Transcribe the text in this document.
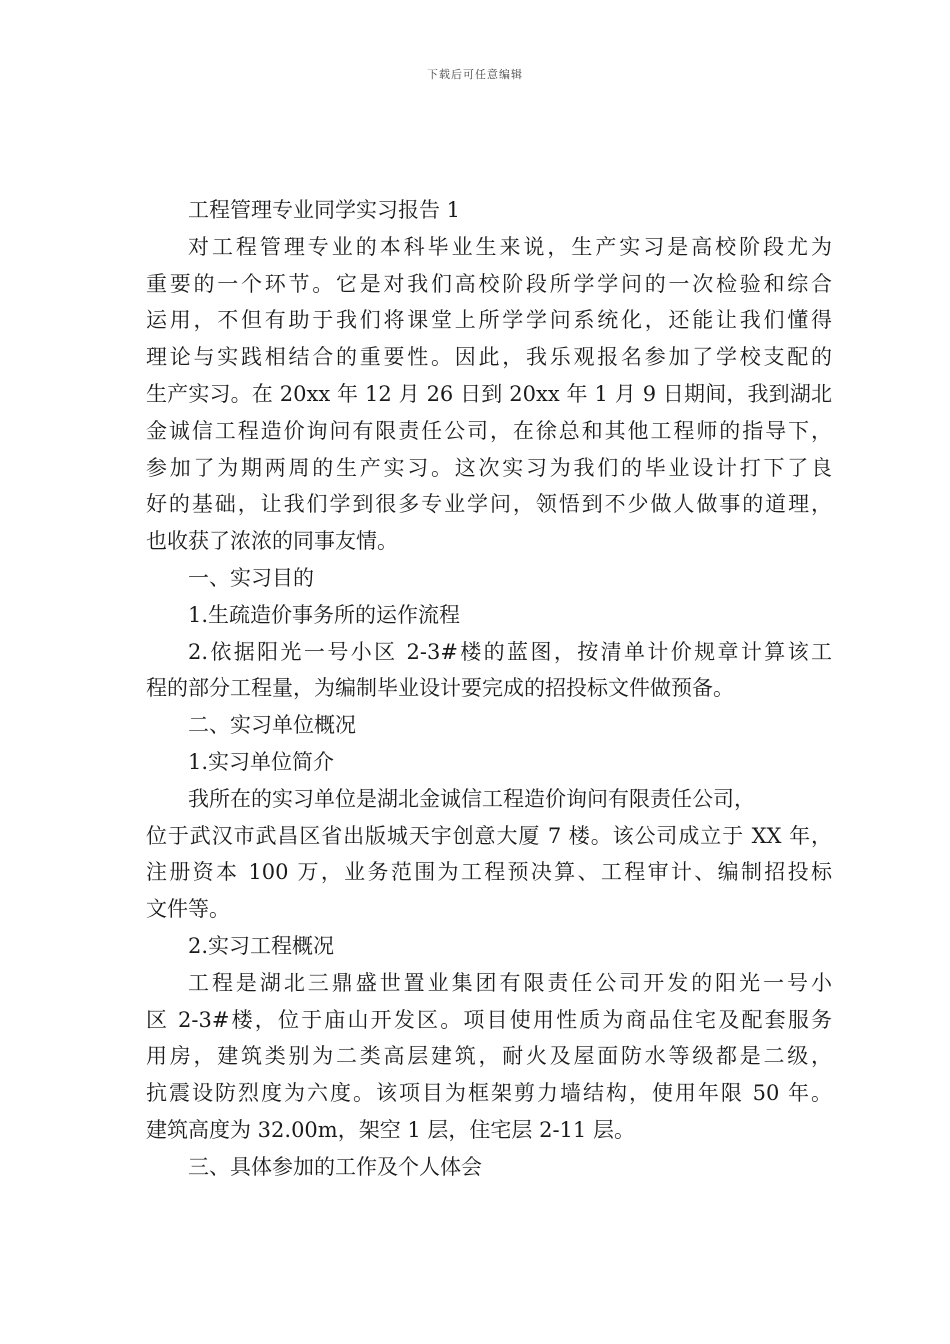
下载后可任意编辑
工程管理专业同学实习报告 1
对工程管理专业的本科毕业生来说，生产实习是高校阶段尤为
重要的一个环节。它是对我们高校阶段所学学问的一次检验和综合
运用，不但有助于我们将课堂上所学学问系统化，还能让我们懂得
理论与实践相结合的重要性。因此，我乐观报名参加了学校支配的
生产实习。在 20xx 年 12 月 26 日到 20xx 年 1 月 9 日期间，我到湖北
金诚信工程造价询问有限责任公司，在徐总和其他工程师的指导下，
参加了为期两周的生产实习。这次实习为我们的毕业设计打下了良
好的基础，让我们学到很多专业学问，领悟到不少做人做事的道理，
也收获了浓浓的同事友情。
一、实习目的
1.生疏造价事务所的运作流程
2.依据阳光一号小区 2-3#楼的蓝图，按清单计价规章计算该工
程的部分工程量，为编制毕业设计要完成的招投标文件做预备。
二、实习单位概况
1.实习单位简介
我所在的实习单位是湖北金诚信工程造价询问有限责任公司，
位于武汉市武昌区省出版城天宇创意大厦 7 楼。该公司成立于 XX 年，
注册资本 100 万，业务范围为工程预决算、工程审计、编制招投标
文件等。
2.实习工程概况
工程是湖北三鼎盛世置业集团有限责任公司开发的阳光一号小
区 2-3#楼，位于庙山开发区。项目使用性质为商品住宅及配套服务
用房，建筑类别为二类高层建筑，耐火及屋面防水等级都是二级，
抗震设防烈度为六度。该项目为框架剪力墙结构，使用年限 50 年。
建筑高度为 32.00m，架空 1 层，住宅层 2-11 层。
三、具体参加的工作及个人体会
